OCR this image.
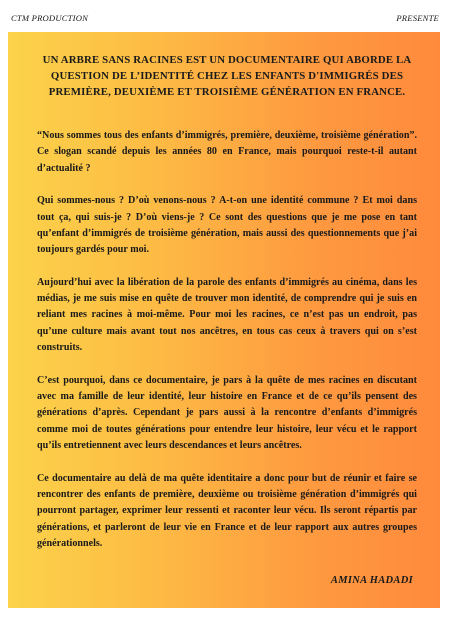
CTM PRODUCTION	PRESENTE
UN ARBRE SANS RACINES EST UN DOCUMENTAIRE QUI ABORDE LA QUESTION DE L’IDENTITÉ CHEZ LES ENFANTS D'IMMIGRÉS DES PREMIÈRE, DEUXIÈME ET TROISIÈME GÉNÉRATION EN FRANCE.

“Nous sommes tous des enfants d’immigrés, première, deuxième, troisième génération”. Ce slogan scandé depuis les années 80 en France, mais pourquoi reste-t-il autant d’actualité ?

Qui sommes-nous ? D’où venons-nous ? A-t-on une identité commune ? Et moi dans tout ça, qui suis-je ? D’où viens-je ? Ce sont des questions que je me pose en tant qu’enfant d’immigrés de troisième génération, mais aussi des questionnements que j’ai toujours gardés pour moi.

Aujourd’hui avec la libération de la parole des enfants d’immigrés au cinéma, dans les médias, je me suis mise en quête de trouver mon identité, de comprendre qui je suis en reliant mes racines à moi-même. Pour moi les racines, ce n’est pas un endroit, pas qu’une culture mais avant tout nos ancêtres, en tous cas ceux à travers qui on s’est construits.

C’est pourquoi, dans ce documentaire, je pars à la quête de mes racines en discutant avec ma famille de leur identité, leur histoire en France et de ce qu’ils pensent des générations d’après. Cependant je pars aussi à la rencontre d’enfants d’immigrés comme moi de toutes générations pour entendre leur histoire, leur vécu et le rapport qu’ils entretiennent avec leurs descendances et leurs ancêtres.

Ce documentaire au delà de ma quête identitaire a donc pour but de réunir et faire se rencontrer des enfants de première, deuxième ou troisième génération d’immigrés qui pourront partager, exprimer leur ressenti et raconter leur vécu. Ils seront répartis par générations, et parleront de leur vie en France et de leur rapport aux autres groupes générationnels.

AMINA HADADI
